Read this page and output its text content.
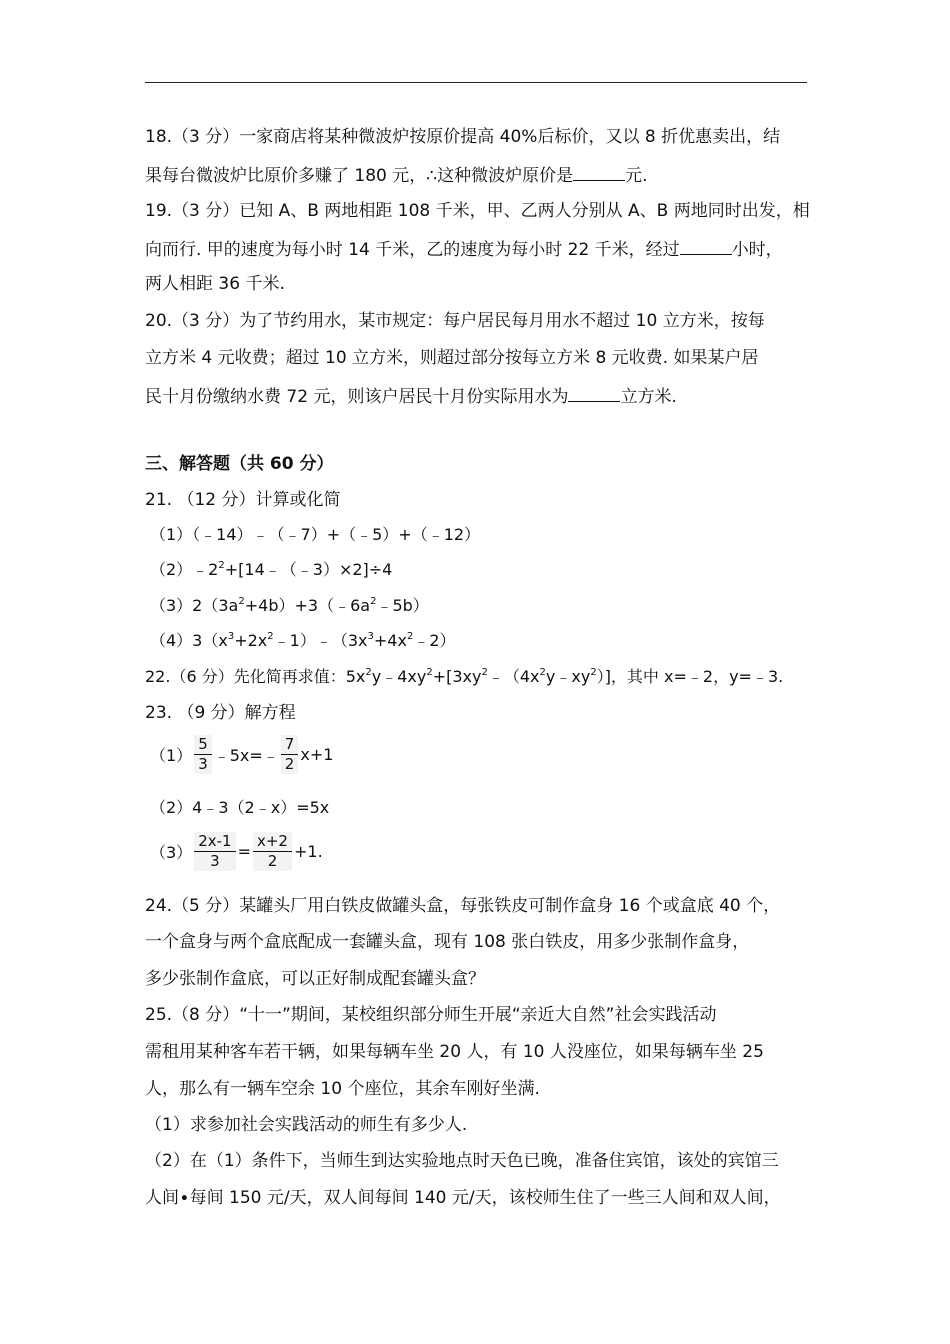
18.（3 分）一家商店将某种微波炉按原价提高 40%后标价，又以 8 折优惠卖出，结
果每台微波炉比原价多赚了 180 元，∴这种微波炉原价是	元.
19.（3 分）已知 A、B 两地相距 108 千米，甲、乙两人分别从 A、B 两地同时出发，相
向而行. 甲的速度为每小时 14 千米，乙的速度为每小时 22 千米，经过	小时，
两人相距 36 千米.
20.（3 分）为了节约用水，某市规定：每户居民每月用水不超过 10 立方米，按每
立方米 4 元收费；超过 10 立方米，则超过部分按每立方米 8 元收费. 如果某户居
民十月份缴纳水费 72 元，则该户居民十月份实际用水为	立方米.
三、解答题（共 60 分）
21. （12 分）计算或化简
（1）（﹣14）﹣（﹣7）+（﹣5）+（﹣12）
$(2)﹣2^2+[14﹣(﹣3)\times 2]\div 4$
$(3)2(3a^2+4b)+3(﹣6a^2﹣5b)$
$(4)3(x^3+2x^2﹣1)﹣(3x^3+4x^2﹣2)$
22.（6 分）先化简再求值：$5x^2y﹣4xy^2+[3xy^2﹣(4x^2y﹣xy^2)]$，其中 x=﹣2，y=﹣3.
23. （9 分）解方程
$(1) \frac{5}{3}$ ﹣5x=﹣ $\frac{7}{2} x+1$
（2）4﹣3（2﹣x）=5x
$(3) \frac{2x-1}{3} = \frac{x+2}{2} +1$.
24.（5 分）某罐头厂用白铁皮做罐头盒，每张铁皮可制作盒身 16 个或盒底 40 个，
一个盒身与两个盒底配成一套罐头盒，现有 108 张白铁皮，用多少张制作盒身，
多少张制作盒底，可以正好制成配套罐头盒？
25.（8 分）“十一”期间，某校组织部分师生开展“亲近大自然”社会实践活动
需租用某种客车若干辆，如果每辆车坐 20 人，有 10 人没座位，如果每辆车坐 25
人，那么有一辆车空余 10 个座位，其余车刚好坐满.
（1）求参加社会实践活动的师生有多少人.
（2）在（1）条件下，当师生到达实验地点时天色已晚，准备住宾馆，该处的宾馆三
人间∙每间 150 元/天，双人间每间 140 元/天，该校师生住了一些三人间和双人间，
